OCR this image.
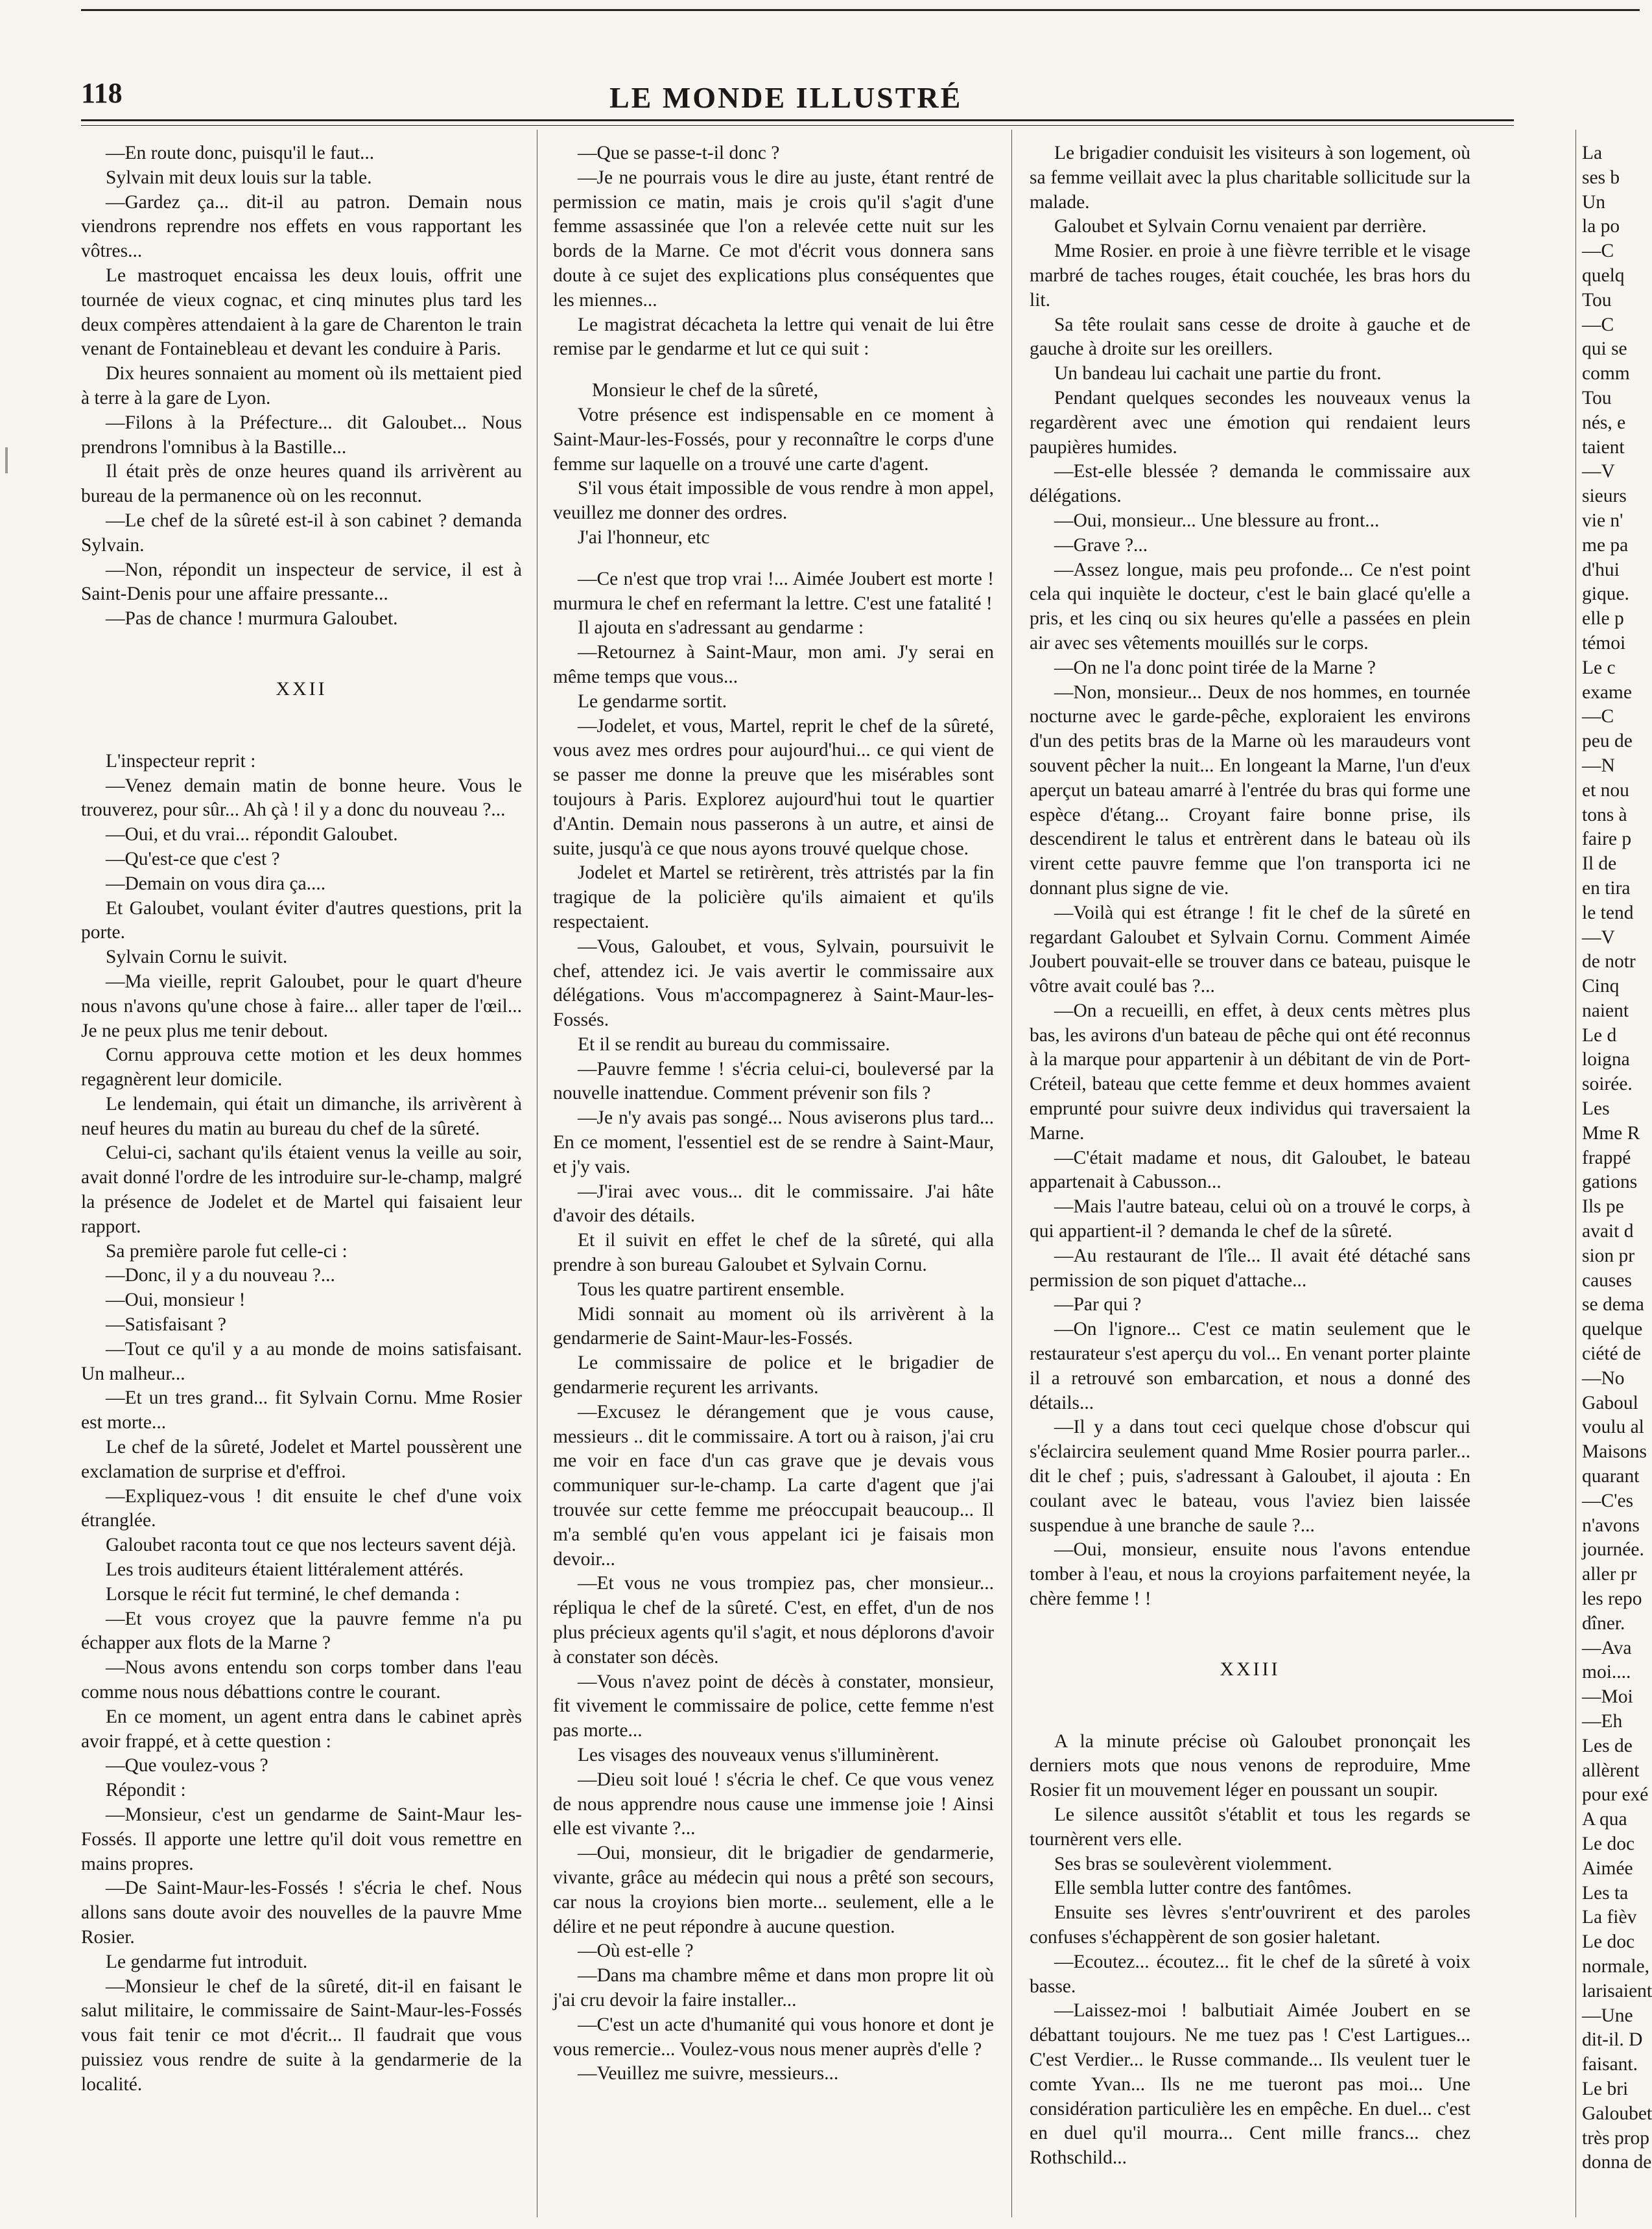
118	LE MONDE ILLUSTRÉ

—En route donc, puisqu'il le faut...

Sylvain mit deux louis sur la table.

—Gardez ça... dit-il au patron. Demain nous viendrons reprendre nos effets en vous rapportant les vôtres...

Le mastroquet encaissa les deux louis, offrit une tournée de vieux cognac, et cinq minutes plus tard les deux compères attendaient à la gare de Charenton le train venant de Fontainebleau et devant les conduire à Paris.

Dix heures sonnaient au moment où ils mettaient pied à terre à la gare de Lyon.

—Filons à la Préfecture... dit Galoubet... Nous prendrons l'omnibus à la Bastille...

Il était près de onze heures quand ils arrivèrent au bureau de la permanence où on les reconnut.

—Le chef de la sûreté est-il à son cabinet ? demanda Sylvain.

—Non, répondit un inspecteur de service, il est à Saint-Denis pour une affaire pressante...

—Pas de chance ! murmura Galoubet.

XXII

L'inspecteur reprit :

—Venez demain matin de bonne heure. Vous le trouverez, pour sûr... Ah çà ! il y a donc du nouveau ?...

—Oui, et du vrai... répondit Galoubet.

—Qu'est-ce que c'est ?

—Demain on vous dira ça....

Et Galoubet, voulant éviter d'autres questions, prit la porte.

Sylvain Cornu le suivit.

—Ma vieille, reprit Galoubet, pour le quart d'heure nous n'avons qu'une chose à faire... aller taper de l'œil... Je ne peux plus me tenir debout.

Cornu approuva cette motion et les deux hommes regagnèrent leur domicile.

Le lendemain, qui était un dimanche, ils arrivèrent à neuf heures du matin au bureau du chef de la sûreté.

Celui-ci, sachant qu'ils étaient venus la veille au soir, avait donné l'ordre de les introduire sur-le-champ, malgré la présence de Jodelet et de Martel qui faisaient leur rapport.

Sa première parole fut celle-ci :

—Donc, il y a du nouveau ?...

—Oui, monsieur !

—Satisfaisant ?

—Tout ce qu'il y a au monde de moins satisfaisant. Un malheur...

—Et un tres grand... fit Sylvain Cornu. Mme Rosier est morte...

Le chef de la sûreté, Jodelet et Martel poussèrent une exclamation de surprise et d'effroi.

—Expliquez-vous ! dit ensuite le chef d'une voix étranglée.

Galoubet raconta tout ce que nos lecteurs savent déjà.

Les trois auditeurs étaient littéralement attérés.

Lorsque le récit fut terminé, le chef demanda :

—Et vous croyez que la pauvre femme n'a pu échapper aux flots de la Marne ?

—Nous avons entendu son corps tomber dans l'eau comme nous nous débattions contre le courant.

En ce moment, un agent entra dans le cabinet après avoir frappé, et à cette question :

—Que voulez-vous ?

Répondit :

—Monsieur, c'est un gendarme de Saint-Maur les-Fossés. Il apporte une lettre qu'il doit vous remettre en mains propres.

—De Saint-Maur-les-Fossés ! s'écria le chef. Nous allons sans doute avoir des nouvelles de la pauvre Mme Rosier.

Le gendarme fut introduit.

—Monsieur le chef de la sûreté, dit-il en faisant le salut militaire, le commissaire de Saint-Maur-les-Fossés vous fait tenir ce mot d'écrit... Il faudrait que vous puissiez vous rendre de suite à la gendarmerie de la localité.

—Que se passe-t-il donc ?

—Je ne pourrais vous le dire au juste, étant rentré de permission ce matin, mais je crois qu'il s'agit d'une femme assassinée que l'on a relevée cette nuit sur les bords de la Marne. Ce mot d'écrit vous donnera sans doute à ce sujet des explications plus conséquentes que les miennes...

Le magistrat décacheta la lettre qui venait de lui être remise par le gendarme et lut ce qui suit :

Monsieur le chef de la sûreté,

Votre présence est indispensable en ce moment à Saint-Maur-les-Fossés, pour y reconnaître le corps d'une femme sur laquelle on a trouvé une carte d'agent.

S'il vous était impossible de vous rendre à mon appel, veuillez me donner des ordres.

J'ai l'honneur, etc

—Ce n'est que trop vrai !... Aimée Joubert est morte ! murmura le chef en refermant la lettre. C'est une fatalité !

Il ajouta en s'adressant au gendarme :

—Retournez à Saint-Maur, mon ami. J'y serai en même temps que vous...

Le gendarme sortit.

—Jodelet, et vous, Martel, reprit le chef de la sûreté, vous avez mes ordres pour aujourd'hui... ce qui vient de se passer me donne la preuve que les misérables sont toujours à Paris. Explorez aujourd'hui tout le quartier d'Antin. Demain nous passerons à un autre, et ainsi de suite, jusqu'à ce que nous ayons trouvé quelque chose.

Jodelet et Martel se retirèrent, très attristés par la fin tragique de la policière qu'ils aimaient et qu'ils respectaient.

—Vous, Galoubet, et vous, Sylvain, poursuivit le chef, attendez ici. Je vais avertir le commissaire aux délégations. Vous m'accompagnerez à Saint-Maur-les-Fossés.

Et il se rendit au bureau du commissaire.

—Pauvre femme ! s'écria celui-ci, bouleversé par la nouvelle inattendue. Comment prévenir son fils ?

—Je n'y avais pas songé... Nous aviserons plus tard... En ce moment, l'essentiel est de se rendre à Saint-Maur, et j'y vais.

—J'irai avec vous... dit le commissaire. J'ai hâte d'avoir des détails.

Et il suivit en effet le chef de la sûreté, qui alla prendre à son bureau Galoubet et Sylvain Cornu.

Tous les quatre partirent ensemble.

Midi sonnait au moment où ils arrivèrent à la gendarmerie de Saint-Maur-les-Fossés.

Le commissaire de police et le brigadier de gendarmerie reçurent les arrivants.

—Excusez le dérangement que je vous cause, messieurs .. dit le commissaire. A tort ou à raison, j'ai cru me voir en face d'un cas grave que je devais vous communiquer sur-le-champ. La carte d'agent que j'ai trouvée sur cette femme me préoccupait beaucoup... Il m'a semblé qu'en vous appelant ici je faisais mon devoir...

—Et vous ne vous trompiez pas, cher monsieur... répliqua le chef de la sûreté. C'est, en effet, d'un de nos plus précieux agents qu'il s'agit, et nous déplorons d'avoir à constater son décès.

—Vous n'avez point de décès à constater, monsieur, fit vivement le commissaire de police, cette femme n'est pas morte...

Les visages des nouveaux venus s'illuminèrent.

—Dieu soit loué ! s'écria le chef. Ce que vous venez de nous apprendre nous cause une immense joie ! Ainsi elle est vivante ?...

—Oui, monsieur, dit le brigadier de gendarmerie, vivante, grâce au médecin qui nous a prêté son secours, car nous la croyions bien morte... seulement, elle a le délire et ne peut répondre à aucune question.

—Où est-elle ?

—Dans ma chambre même et dans mon propre lit où j'ai cru devoir la faire installer...

—C'est un acte d'humanité qui vous honore et dont je vous remercie... Voulez-vous nous mener auprès d'elle ?

—Veuillez me suivre, messieurs...

Le brigadier conduisit les visiteurs à son logement, où sa femme veillait avec la plus charitable sollicitude sur la malade.

Galoubet et Sylvain Cornu venaient par derrière.

Mme Rosier. en proie à une fièvre terrible et le visage marbré de taches rouges, était couchée, les bras hors du lit.

Sa tête roulait sans cesse de droite à gauche et de gauche à droite sur les oreillers.

Un bandeau lui cachait une partie du front.

Pendant quelques secondes les nouveaux venus la regardèrent avec une émotion qui rendaient leurs paupières humides.

—Est-elle blessée ? demanda le commissaire aux délégations.

—Oui, monsieur... Une blessure au front...

—Grave ?...

—Assez longue, mais peu profonde... Ce n'est point cela qui inquiète le docteur, c'est le bain glacé qu'elle a pris, et les cinq ou six heures qu'elle a passées en plein air avec ses vêtements mouillés sur le corps.

—On ne l'a donc point tirée de la Marne ?

—Non, monsieur... Deux de nos hommes, en tournée nocturne avec le garde-pêche, exploraient les environs d'un des petits bras de la Marne où les maraudeurs vont souvent pêcher la nuit... En longeant la Marne, l'un d'eux aperçut un bateau amarré à l'entrée du bras qui forme une espèce d'étang... Croyant faire bonne prise, ils descendirent le talus et entrèrent dans le bateau où ils virent cette pauvre femme que l'on transporta ici ne donnant plus signe de vie.

—Voilà qui est étrange ! fit le chef de la sûreté en regardant Galoubet et Sylvain Cornu. Comment Aimée Joubert pouvait-elle se trouver dans ce bateau, puisque le vôtre avait coulé bas ?...

—On a recueilli, en effet, à deux cents mètres plus bas, les avirons d'un bateau de pêche qui ont été reconnus à la marque pour appartenir à un débitant de vin de Port-Créteil, bateau que cette femme et deux hommes avaient emprunté pour suivre deux individus qui traversaient la Marne.

—C'était madame et nous, dit Galoubet, le bateau appartenait à Cabusson...

—Mais l'autre bateau, celui où on a trouvé le corps, à qui appartient-il ? demanda le chef de la sûreté.

—Au restaurant de l'île... Il avait été détaché sans permission de son piquet d'attache...

—Par qui ?

—On l'ignore... C'est ce matin seulement que le restaurateur s'est aperçu du vol... En venant porter plainte il a retrouvé son embarcation, et nous a donné des détails...

—Il y a dans tout ceci quelque chose d'obscur qui s'éclaircira seulement quand Mme Rosier pourra parler... dit le chef ; puis, s'adressant à Galoubet, il ajouta : En coulant avec le bateau, vous l'aviez bien laissée suspendue à une branche de saule ?...

—Oui, monsieur, ensuite nous l'avons entendue tomber à l'eau, et nous la croyions parfaitement neyée, la chère femme ! !

XXIII

A la minute précise où Galoubet prononçait les derniers mots que nous venons de reproduire, Mme Rosier fit un mouvement léger en poussant un soupir.

Le silence aussitôt s'établit et tous les regards se tournèrent vers elle.

Ses bras se soulevèrent violemment.

Elle sembla lutter contre des fantômes.

Ensuite ses lèvres s'entr'ouvrirent et des paroles confuses s'échappèrent de son gosier haletant.

—Ecoutez... écoutez... fit le chef de la sûreté à voix basse.

—Laissez-moi ! balbutiait Aimée Joubert en se débattant toujours. Ne me tuez pas ! C'est Lartigues... C'est Verdier... le Russe commande... Ils veulent tuer le comte Yvan... Ils ne me tueront pas moi... Une considération particulière les en empêche. En duel... c'est en duel qu'il mourra... Cent mille francs... chez Rothschild...

La
ses b
Un
la po
—C
quelq
Tou
—C
qui se
comm
Tou
nés, e
taient
—V
sieurs
vie n'
me pa
d'hui
gique.
elle p
témoi
Le c
exame
—C
peu de
—N
et nou
tons à
faire p
Il de
en tira
le tend
—V
de notr
Cinq
naient
Le d
loigna
soirée.
Les
Mme R
frappé
gations
Ils pe
avait d
sion pr
causes
se dema
quelque
ciété de
—No
Gaboul
voulu al
Maisons
quarant
—C'es
n'avons
journée.
aller pr
les repo
dîner.
—Ava
moi....
—Moi
—Eh
Les de
allèrent
pour exé
A qua
Le doc
Aimée
Les ta
La fièv
Le doc
normale,
larisaient
—Une
dit-il. D
faisant.
Le bri
Galoubet
très prop
donna de
